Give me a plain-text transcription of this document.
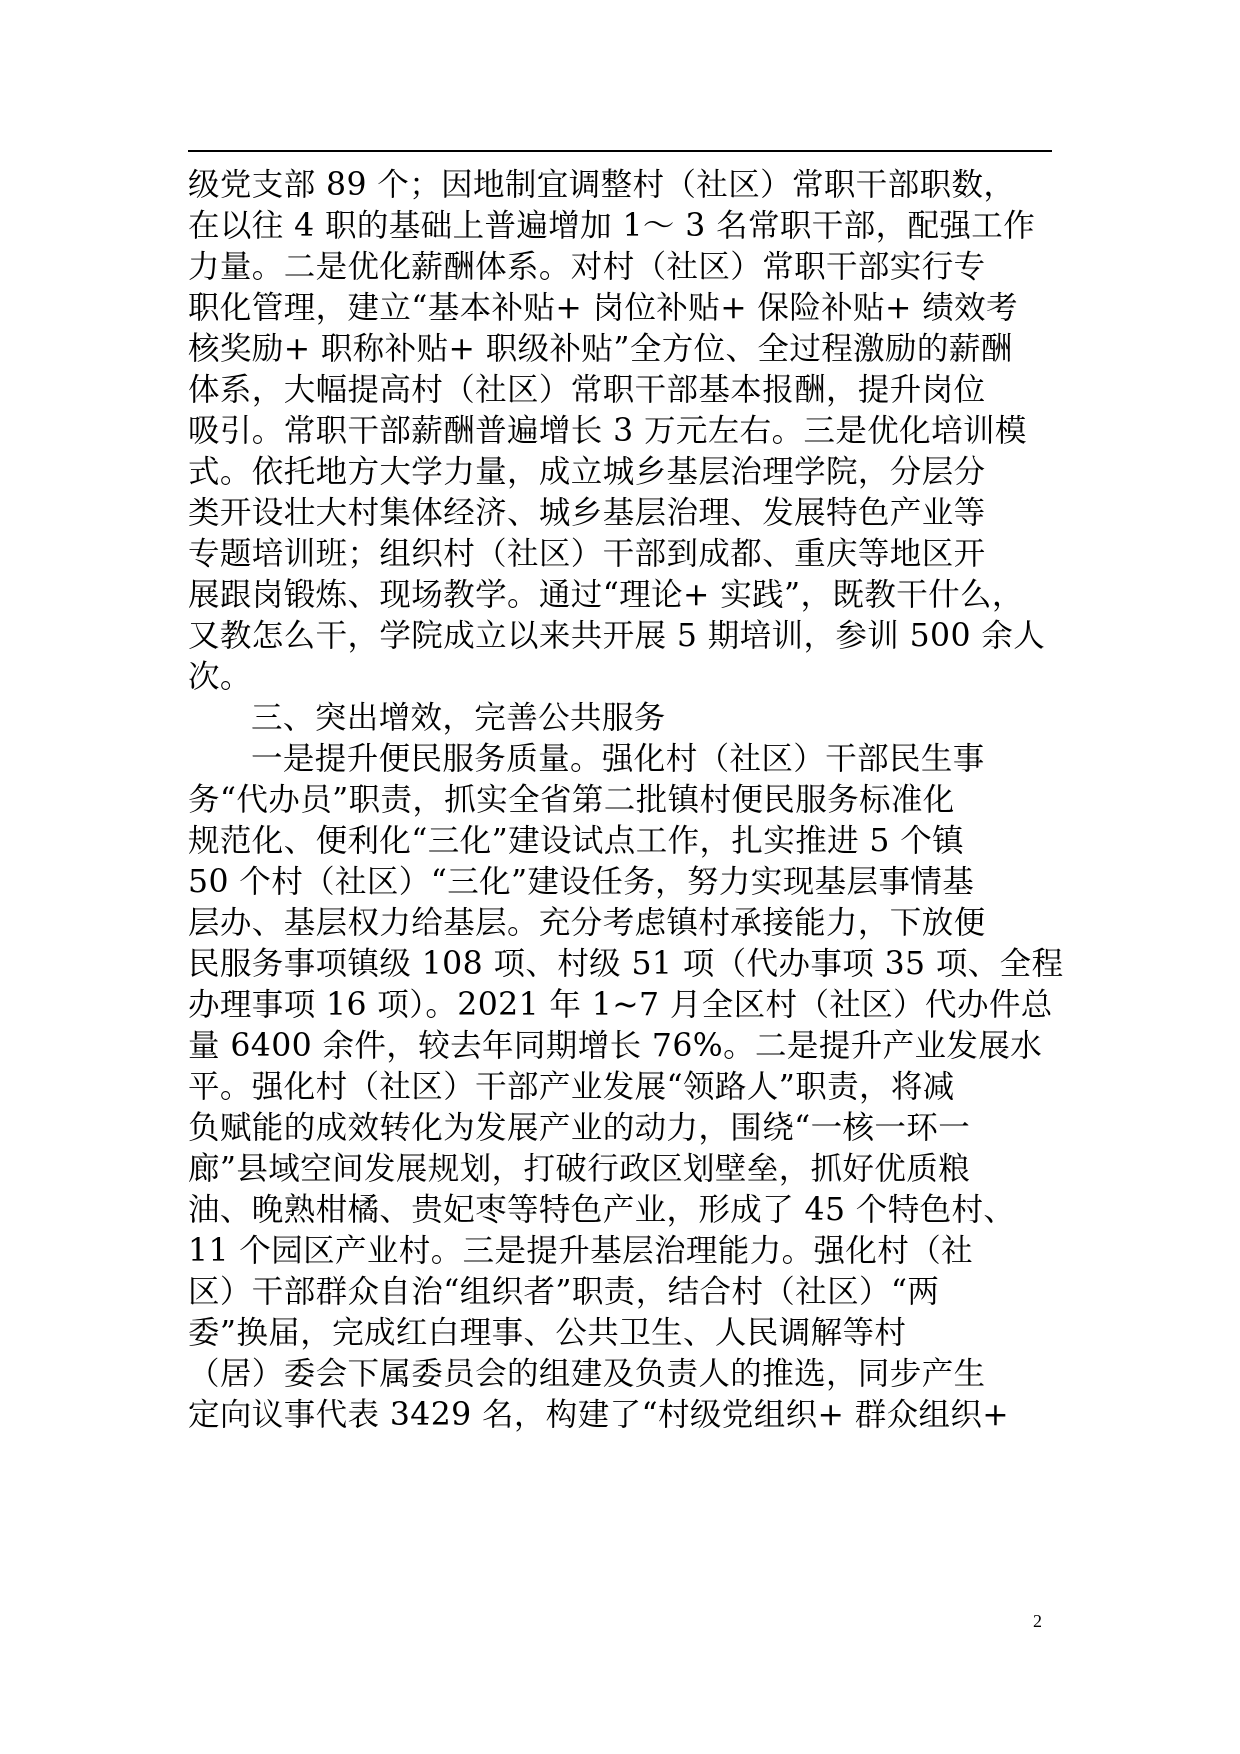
级党支部 89 个；因地制宜调整村（社区）常职干部职数，
在以往 4 职的基础上普遍增加 1～ 3 名常职干部，配强工作
力量。二是优化薪酬体系。对村（社区）常职干部实行专
职化管理，建立“基本补贴+ 岗位补贴+ 保险补贴+ 绩效考
核奖励+ 职称补贴+ 职级补贴”全方位、全过程激励的薪酬
体系，大幅提高村（社区）常职干部基本报酬，提升岗位
吸引。常职干部薪酬普遍增长 3 万元左右。三是优化培训模
式。依托地方大学力量，成立城乡基层治理学院，分层分
类开设壮大村集体经济、城乡基层治理、发展特色产业等
专题培训班；组织村（社区）干部到成都、重庆等地区开
展跟岗锻炼、现场教学。通过“理论+ 实践”，既教干什么，
又教怎么干，学院成立以来共开展 5 期培训，参训 500 余人
次。
三、突出增效，完善公共服务
一是提升便民服务质量。强化村（社区）干部民生事
务“代办员”职责，抓实全省第二批镇村便民服务标准化
规范化、便利化“三化”建设试点工作，扎实推进 5 个镇
50 个村（社区）“三化”建设任务，努力实现基层事情基
层办、基层权力给基层。充分考虑镇村承接能力，下放便
民服务事项镇级 108 项、村级 51 项（代办事项 35 项、全程
办理事项 16 项）。2021 年 1~7 月全区村（社区）代办件总
量 6400 余件，较去年同期增长 76%。二是提升产业发展水
平。强化村（社区）干部产业发展“领路人”职责，将减
负赋能的成效转化为发展产业的动力，围绕“一核一环一
廊”县域空间发展规划，打破行政区划壁垒，抓好优质粮
油、晚熟柑橘、贵妃枣等特色产业，形成了 45 个特色村、
11 个园区产业村。三是提升基层治理能力。强化村（社
区）干部群众自治“组织者”职责，结合村（社区）“两
委”换届，完成红白理事、公共卫生、人民调解等村
（居）委会下属委员会的组建及负责人的推选，同步产生
定向议事代表 3429 名，构建了“村级党组织+ 群众组织+
2
